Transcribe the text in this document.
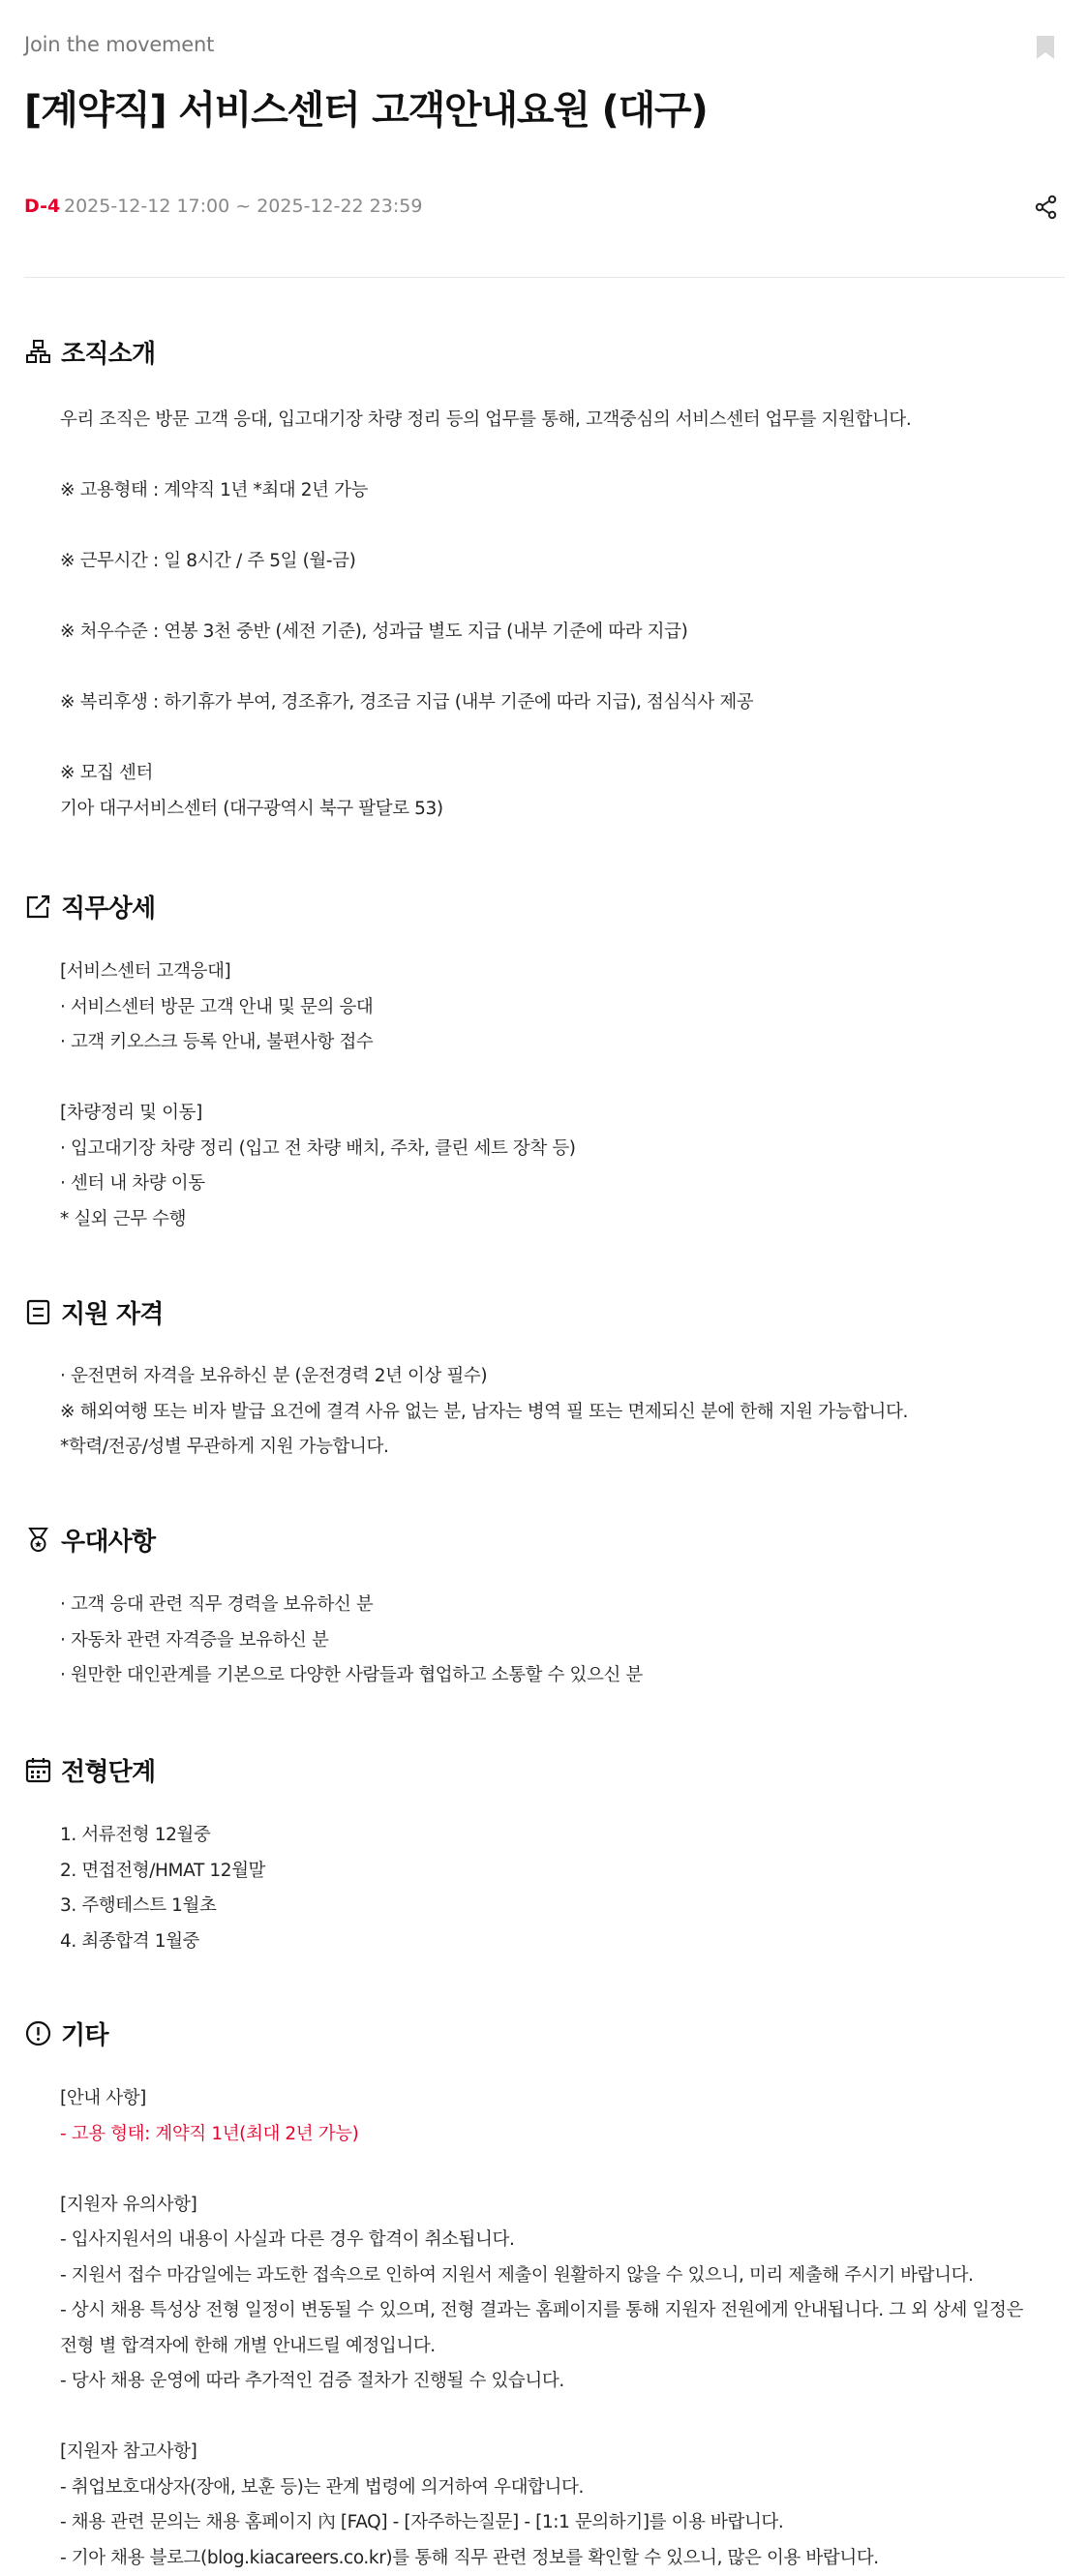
Join the movement
[계약직] 서비스센터 고객안내요원 (대구)
D-4 2025-12-12 17:00 ~ 2025-12-22 23:59
조직소개
우리 조직은 방문 고객 응대, 입고대기장 차량 정리 등의 업무를 통해, 고객중심의 서비스센터 업무를 지원합니다.
※ 고용형태 : 계약직 1년 *최대 2년 가능
※ 근무시간 : 일 8시간 / 주 5일 (월-금)
※ 처우수준 : 연봉 3천 중반 (세전 기준), 성과급 별도 지급 (내부 기준에 따라 지급)
※ 복리후생 : 하기휴가 부여, 경조휴가, 경조금 지급 (내부 기준에 따라 지급), 점심식사 제공
※ 모집 센터
기아 대구서비스센터 (대구광역시 북구 팔달로 53)
직무상세
[서비스센터 고객응대]
· 서비스센터 방문 고객 안내 및 문의 응대
· 고객 키오스크 등록 안내, 불편사항 접수
[차량정리 및 이동]
· 입고대기장 차량 정리 (입고 전 차량 배치, 주차, 클린 세트 장착 등)
· 센터 내 차량 이동
* 실외 근무 수행
지원 자격
· 운전면허 자격을 보유하신 분 (운전경력 2년 이상 필수)
※ 해외여행 또는 비자 발급 요건에 결격 사유 없는 분, 남자는 병역 필 또는 면제되신 분에 한해 지원 가능합니다.
*학력/전공/성별 무관하게 지원 가능합니다.
우대사항
· 고객 응대 관련 직무 경력을 보유하신 분
· 자동차 관련 자격증을 보유하신 분
· 원만한 대인관계를 기본으로 다양한 사람들과 협업하고 소통할 수 있으신 분
전형단계
1. 서류전형 12월중
2. 면접전형/HMAT 12월말
3. 주행테스트 1월초
4. 최종합격 1월중
기타
[안내 사항]
- 고용 형태: 계약직 1년(최대 2년 가능)
[지원자 유의사항]
- 입사지원서의 내용이 사실과 다른 경우 합격이 취소됩니다.
- 지원서 접수 마감일에는 과도한 접속으로 인하여 지원서 제출이 원활하지 않을 수 있으니, 미리 제출해 주시기 바랍니다.
- 상시 채용 특성상 전형 일정이 변동될 수 있으며, 전형 결과는 홈페이지를 통해 지원자 전원에게 안내됩니다. 그 외 상세 일정은
전형 별 합격자에 한해 개별 안내드릴 예정입니다.
- 당사 채용 운영에 따라 추가적인 검증 절차가 진행될 수 있습니다.
[지원자 참고사항]
- 취업보호대상자(장애, 보훈 등)는 관계 법령에 의거하여 우대합니다.
- 채용 관련 문의는 채용 홈페이지 內 [FAQ] - [자주하는질문] - [1:1 문의하기]를 이용 바랍니다.
- 기아 채용 블로그(blog.kiacareers.co.kr)를 통해 직무 관련 정보를 확인할 수 있으니, 많은 이용 바랍니다.
